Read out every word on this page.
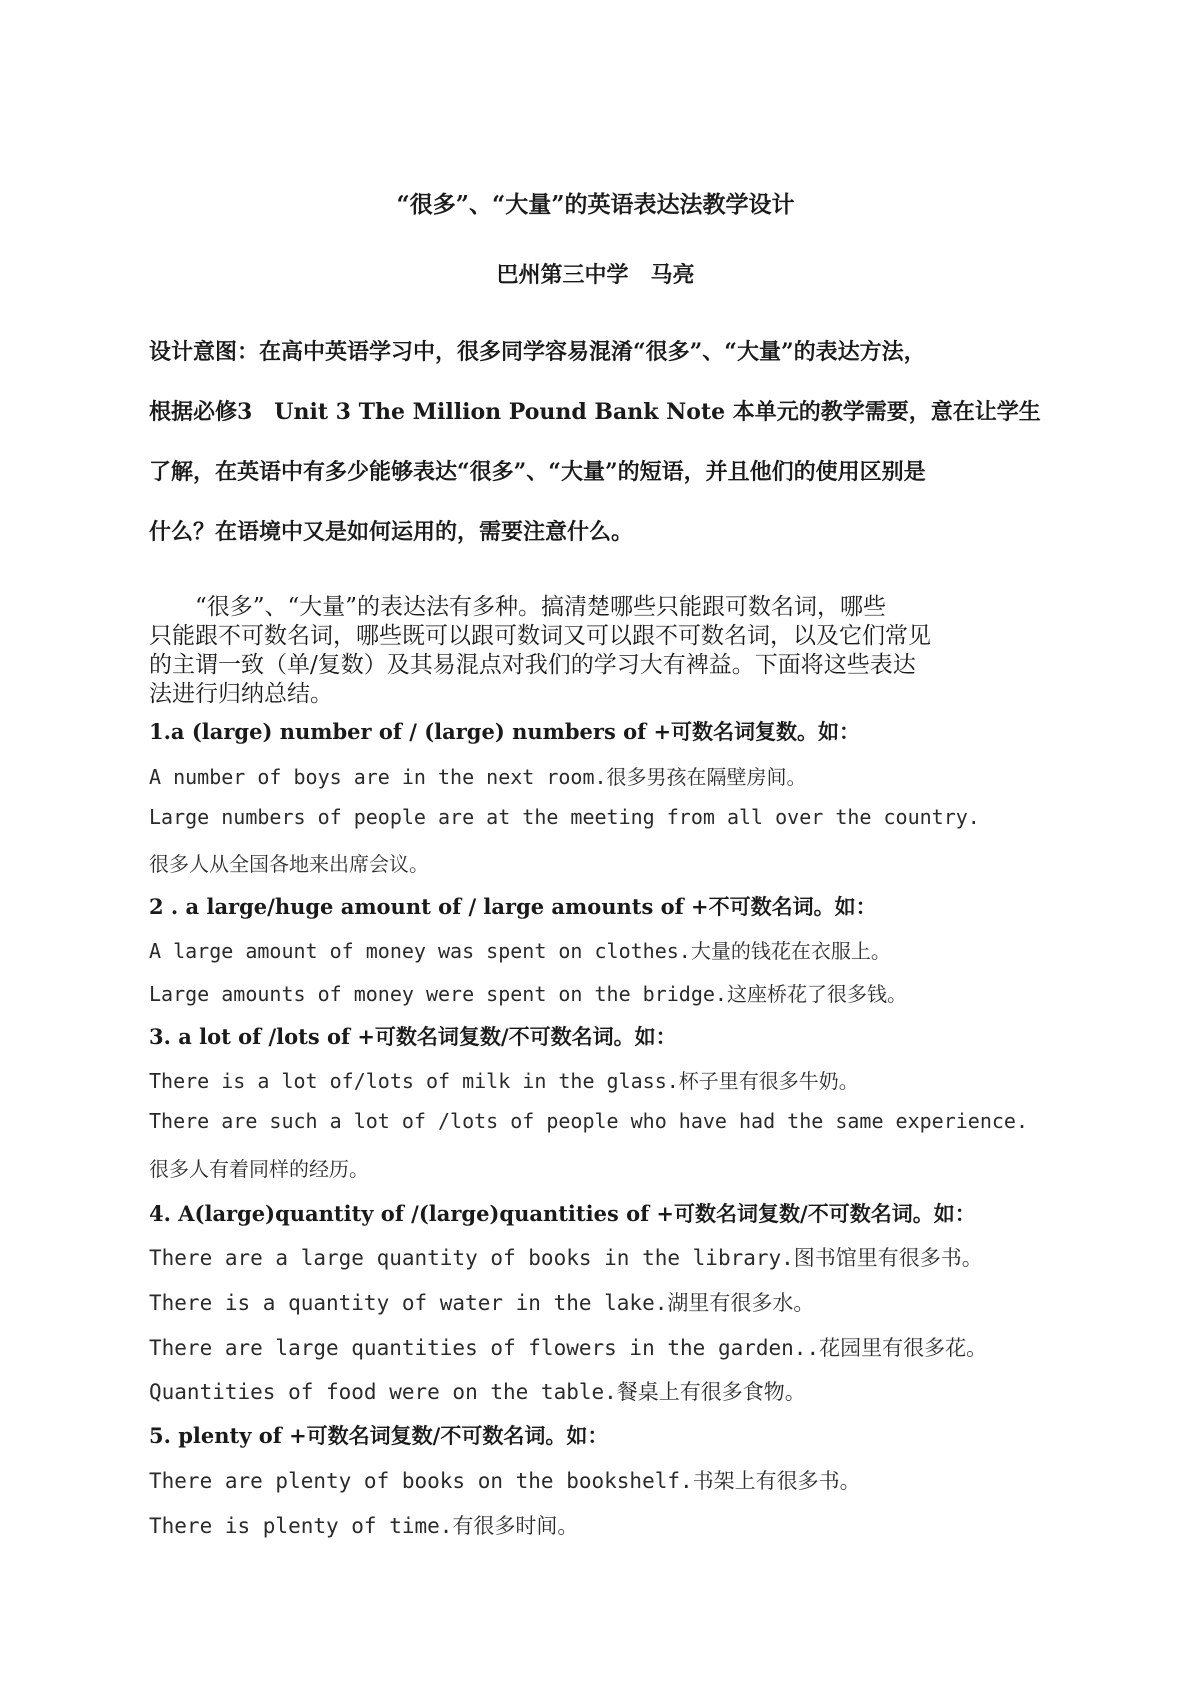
“很多”、“大量”的英语表达法教学设计
巴州第三中学　马亮
设计意图：在高中英语学习中，很多同学容易混淆“很多”、“大量”的表达方法，
根据必修3　Unit 3 The Million Pound Bank Note 本单元的教学需要，意在让学生
了解，在英语中有多少能够表达“很多”、“大量”的短语，并且他们的使用区别是
什么？在语境中又是如何运用的，需要注意什么。
　　“很多”、“大量”的表达法有多种。搞清楚哪些只能跟可数名词，哪些
只能跟不可数名词，哪些既可以跟可数词又可以跟不可数名词，以及它们常见
的主谓一致（单/复数）及其易混点对我们的学习大有裨益。下面将这些表达
法进行归纳总结。
1.a (large) number of / (large) numbers of +可数名词复数。如：
A number of boys are in the next room.很多男孩在隔壁房间。
Large numbers of people are at the meeting from all over the country.
很多人从全国各地来出席会议。
2 . a large/huge amount of / large amounts of +不可数名词。如：
A large amount of money was spent on clothes.大量的钱花在衣服上。
Large amounts of money were spent on the bridge.这座桥花了很多钱。
3. a lot of /lots of +可数名词复数/不可数名词。如：
There is a lot of/lots of milk in the glass.杯子里有很多牛奶。
There are such a lot of /lots of people who have had the same experience.
很多人有着同样的经历。
4. A(large)quantity of /(large)quantities of +可数名词复数/不可数名词。如：
There are a large quantity of books in the library.图书馆里有很多书。
There is a quantity of water in the lake.湖里有很多水。
There are large quantities of flowers in the garden..花园里有很多花。
Quantities of food were on the table.餐桌上有很多食物。
5. plenty of +可数名词复数/不可数名词。如：
There are plenty of books on the bookshelf.书架上有很多书。
There is plenty of time.有很多时间。
